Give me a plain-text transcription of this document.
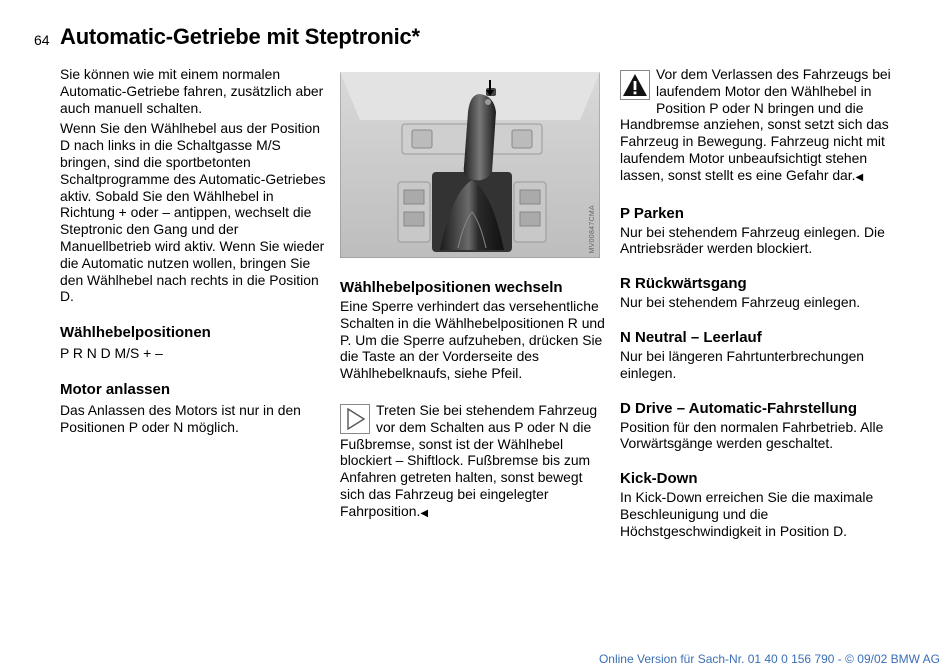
64 Automatic-Getriebe mit Steptronic*

Sie können wie mit einem normalen Automatic-Getriebe fahren, zusätzlich aber auch manuell schalten.

Wenn Sie den Wählhebel aus der Position D nach links in die Schaltgasse M/S bringen, sind die sportbetonten Schaltprogramme des Automatic-Getriebes aktiv. Sobald Sie den Wählhebel in Richtung + oder – antippen, wechselt die Steptronic den Gang und der Manuellbetrieb wird aktiv. Wenn Sie wieder die Automatic nutzen wollen, bringen Sie den Wählhebel nach rechts in die Position D.

Wählhebelpositionen

P R N D M/S + –

Motor anlassen

Das Anlassen des Motors ist nur in den Positionen P oder N möglich.

MV00847CMA
Wählhebelpositionen wechseln

Eine Sperre verhindert das versehentliche Schalten in die Wählhebelpositionen R und P. Um die Sperre aufzuheben, drücken Sie die Taste an der Vorderseite des Wählhebelknaufs, siehe Pfeil.

Treten Sie bei stehendem Fahrzeug vor dem Schalten aus P oder N die Fußbremse, sonst ist der Wählhebel blockiert – Shiftlock. Fußbremse bis zum Anfahren getreten halten, sonst bewegt sich das Fahrzeug bei eingelegter Fahrposition.◀
Vor dem Verlassen des Fahrzeugs bei laufendem Motor den Wählhebel in Position P oder N bringen und die Handbremse anziehen, sonst setzt sich das Fahrzeug in Bewegung. Fahrzeug nicht mit laufendem Motor unbeaufsichtigt stehen lassen, sonst stellt es eine Gefahr dar.◀
P Parken

Nur bei stehendem Fahrzeug einlegen. Die Antriebsräder werden blockiert.

R Rückwärtsgang

Nur bei stehendem Fahrzeug einlegen.

N Neutral – Leerlauf

Nur bei längeren Fahrtunterbrechungen einlegen.

D Drive – Automatic-Fahrstellung

Position für den normalen Fahrbetrieb. Alle Vorwärtsgänge werden geschaltet.

Kick-Down

In Kick-Down erreichen Sie die maximale Beschleunigung und die Höchstgeschwindigkeit in Position D.

Online Version für Sach-Nr. 01 40 0 156 790 - © 09/02 BMW AG
